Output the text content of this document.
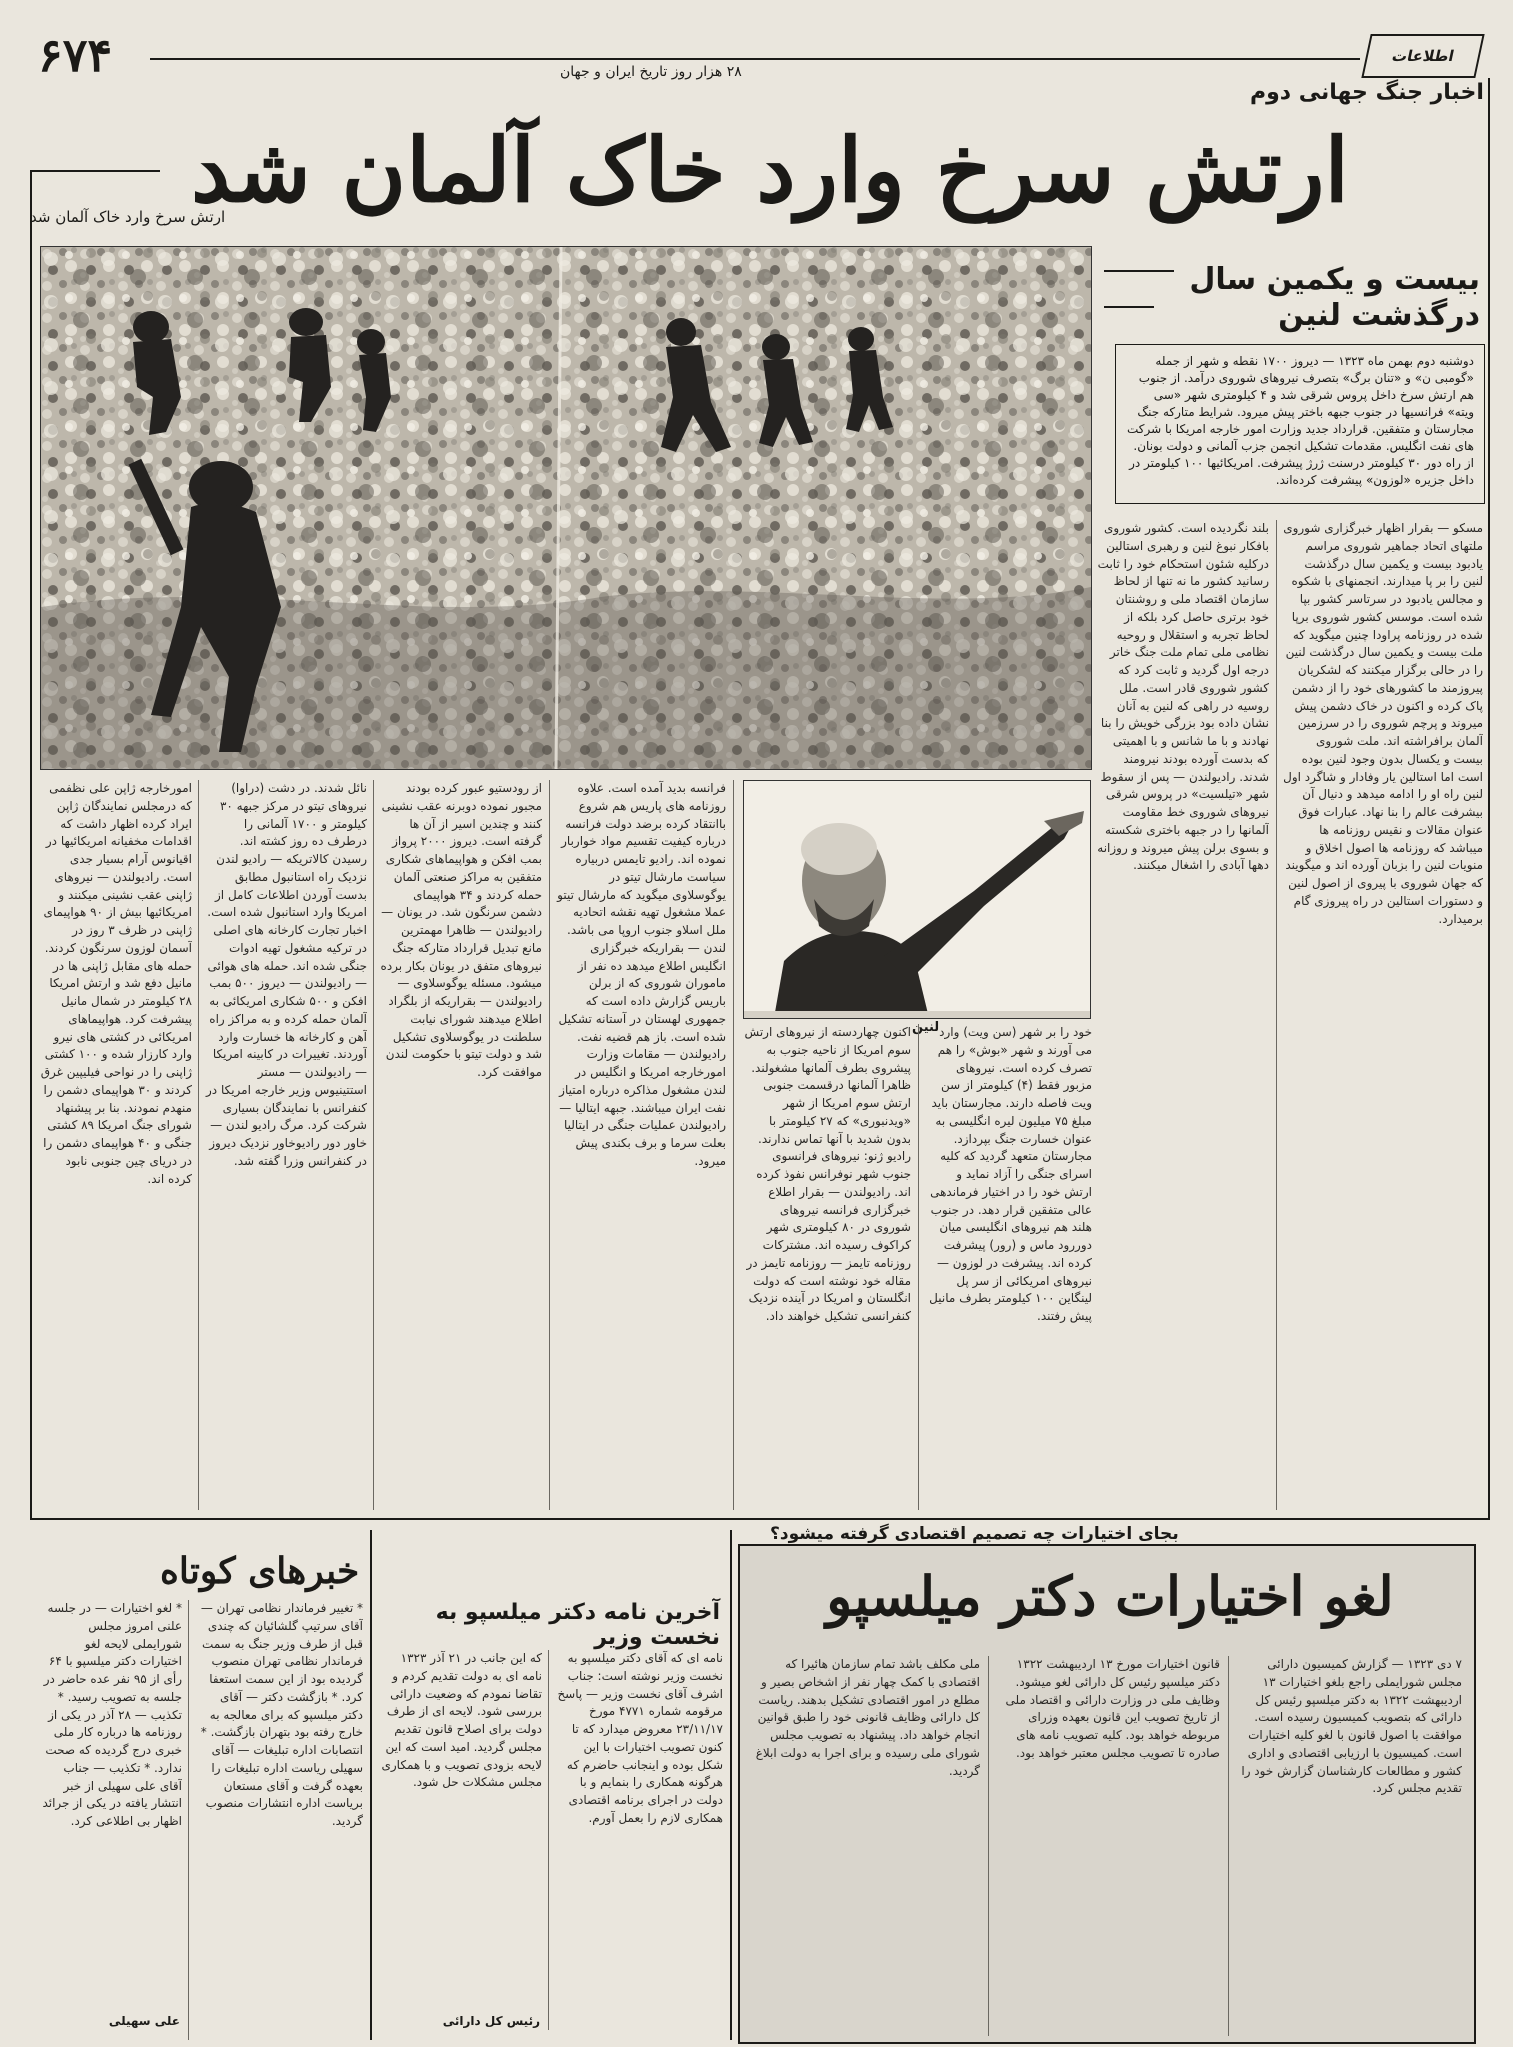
۶۷۴	۲۸ هزار روز تاریخ ایران و جهان
اطلاعات
اخبار جنگ جهانی دوم
ارتش سرخ وارد خاک آلمان شد
ارتش سرخ وارد خاک آلمان شد
بیست و یکمین سال
درگذشت لنین
دوشنبه دوم بهمن ماه ۱۳۲۳ — دیروز ۱۷۰۰ نقطه و شهر از جمله «گومبی ن» و «تنان برگ» بتصرف نیروهای شوروی درآمد. از جنوب هم ارتش سرخ داخل پروس شرقی شد و ۴ کیلومتری شهر «سی ویته» فرانسیها در جنوب جبهه باختر پیش میرود. شرایط متارکه جنگ مجارستان و متفقین. قرارداد جدید وزارت امور خارجه امریکا با شرکت های نفت انگلیس. مقدمات تشکیل انجمن جزب آلمانی و دولت بونان. از راه دور ۳۰ کیلومتر درسنت ژرژ پیشرفت. امریکائیها ۱۰۰ کیلومتر در داخل جزیره «لوزون» پیشرفت کرده‌اند.
مسکو — بقرار اظهار خبرگزاری شوروی ملتهای اتحاد جماهیر شوروی مراسم یادبود بیست و یکمین سال درگذشت لنین را بر پا میدارند. انجمنهای با شکوه و مجالس یادبود در سرتاسر کشور بپا شده است. موسس کشور شوروی برپا شده در روزنامه پراودا چنین میگوید که ملت بیست و یکمین سال درگذشت لنین را در حالی برگزار میکنند که لشکریان پیروزمند ما کشورهای خود را از دشمن پاک کرده و اکنون در خاک دشمن پیش میروند و پرچم شوروی را در سرزمین آلمان برافراشته اند. ملت شوروی بیست و یکسال بدون وجود لنین بوده است اما استالین یار وفادار و شاگرد اول لنین راه او را ادامه میدهد و دنیال آن بیشرفت عالم را بنا نهاد. عبارات فوق عنوان مقالات و نقیس روزنامه ها میباشد که روزنامه ها اصول اخلاق و منویات لنین را بزبان آورده اند و میگویند که جهان شوروی با پیروی از اصول لنین و دستورات استالین در راه پیروزی گام برمیدارد.
بلند نگردیده است. کشور شوروی بافکار نبوغ لنین و رهبری استالین درکلیه شئون استحکام خود را ثابت رسانید کشور ما نه تنها از لحاظ سازمان اقتصاد ملی و روشنتان خود برتری حاصل کرد بلکه از لحاظ تجربه و استقلال و روحیه نظامی ملی تمام ملت جنگ خاتر درجه اول گردید و ثابت کرد که کشور شوروی قادر است. ملل روسیه در راهی که لنین به آنان نشان داده بود بزرگی خویش را بنا نهادند و با ما شانس و با اهمیتی که بدست آورده بودند نیرومند شدند. رادیولندن — پس از سقوط شهر «تیلسیت» در پروس شرقی نیروهای شوروی خط مقاومت آلمانها را در جبهه باختری شکسته و بسوی برلن پیش میروند و روزانه دهها آبادی را اشغال میکنند.
لنین خود را بر شهر (سن ویت) وارد می آورند و شهر «بوش» را هم تصرف کرده است. نیروهای مزبور فقط (۴) کیلومتر از سن ویت فاصله دارند. مجارستان باید مبلغ ۷۵ میلیون لیره انگلیسی به عنوان خسارت جنگ بپردازد. مجارستان متعهد گردید که کلیه اسرای جنگی را آزاد نماید و ارتش خود را در اختیار فرماندهی عالی متفقین قرار دهد. در جنوب هلند هم نیروهای انگلیسی میان دوررود ماس و (رور) پیشرفت کرده اند. پیشرفت در لوزون — نیروهای امریکائی از سر پل لینگاین ۱۰۰ کیلومتر بطرف مانیل پیش رفتند.
اکنون چهاردسته از نیروهای ارتش سوم امریکا از ناحیه جنوب به پیشروی بطرف آلمانها مشغولند. ظاهرا آلمانها درقسمت جنوبی ارتش سوم امریکا از شهر «ویدنبوری» که ۲۷ کیلومتر با بدون شدید با آنها تماس ندارند. رادیو ژنو: نیروهای فرانسوی جنوب شهر نوفرانس نفوذ کرده اند. رادیولندن — بقرار اطلاع خبرگزاری فرانسه نیروهای شوروی در ۸۰ کیلومتری شهر کراکوف رسیده اند. مشترکات روزنامه تایمز — روزنامه تایمز در مقاله خود نوشته است که دولت انگلستان و امریکا در آینده نزدیک کنفرانسی تشکیل خواهند داد.
فرانسه بدید آمده است. علاوه روزنامه های پاریس هم شروع باانتقاد کرده برضد دولت فرانسه درباره کیفیت تقسیم مواد خواربار نموده اند. رادیو تایمس دربیاره سیاست مارشال تیتو در یوگوسلاوی میگوید که مارشال تیتو عملا مشغول تهیه نقشه اتحادیه ملل اسلاو جنوب اروپا می باشد. لندن — بقراریکه خبرگزاری انگلیس اطلاع میدهد ده نفر از ماموران شوروی که از برلن باریس گزارش داده است که جمهوری لهستان در آستانه تشکیل شده است. باز هم قضیه نفت. رادیولندن — مقامات وزارت امورخارجه امریکا و انگلیس در لندن مشغول مذاکره درباره امتیاز نفت ایران میباشند. جبهه ایتالیا — رادیولندن عملیات جنگی در ایتالیا بعلت سرما و برف بکندی پیش میرود.
از رودستیو عبور کرده بودند مجبور نموده دوبرنه عقب نشینی کنند و چندین اسیر از آن ها گرفته است. دیروز ۲۰۰۰ پرواز بمب افکن و هواپیماهای شکاری متفقین به مراکز صنعتی آلمان حمله کردند و ۳۴ هواپیمای دشمن سرنگون شد. در یونان — رادیولندن — ظاهرا مهمترین مانع تبدیل قرارداد متارکه جنگ نیروهای متفق در یونان بکار برده میشود. مسئله یوگوسلاوی — رادیولندن — بقراریکه از بلگراد اطلاع میدهند شورای نیابت سلطنت در یوگوسلاوی تشکیل شد و دولت تیتو با حکومت لندن موافقت کرد.
نائل شدند. در دشت (دراوا) نیروهای تیتو در مرکز جبهه ۳۰ کیلومتر و ۱۷۰۰ آلمانی را درطرف ده روز کشته اند. رسیدن کالاتریکه — رادیو لندن نزدیک راه استانبول مطابق بدست آوردن اطلاعات کامل از امریکا وارد استانبول شده است. اخبار تجارت کارخانه های اصلی در ترکیه مشغول تهیه ادوات جنگی شده اند. حمله های هوائی — رادیولندن — دیروز ۵۰۰ بمب افکن و ۵۰۰ شکاری امریکائی به آلمان حمله کرده و به مراکز راه آهن و کارخانه ها خسارت وارد آوردند. تغییرات در کابینه امریکا — رادیولندن — مستر استتینیوس وزیر خارجه امریکا در کنفرانس با نمایندگان بسیاری شرکت کرد. مرگ رادیو لندن — خاور دور رادیوخاور نزدیک دیروز در کنفرانس وزرا گفته شد.
امورخارجه ژاپن علی نظفمی که درمجلس نمایندگان ژاپن ایراد کرده اظهار داشت که اقدامات مخفیانه امریکائیها در اقیانوس آرام بسیار جدی است. رادیولندن — نیروهای ژاپنی عقب نشینی میکنند و امریکائیها بیش از ۹۰ هواپیمای ژاپنی در ظرف ۳ روز در آسمان لوزون سرنگون کردند. حمله های مقابل ژاپنی ها در مانیل دفع شد و ارتش امریکا ۲۸ کیلومتر در شمال مانیل پیشرفت کرد. هواپیماهای امریکائی در کشتی های نیرو وارد کارزار شده و ۱۰۰ کشتی ژاپنی را در نواحی فیلیپین غرق کردند و ۳۰ هواپیمای دشمن را منهدم نمودند. بنا بر پیشنهاد شورای جنگ امریکا ۸۹ کشتی جنگی و ۴۰ هواپیمای دشمن را در دریای چین جنوبی نابود کرده اند.
بجای اختیارات چه تصمیم اقتصادی گرفته میشود؟
لغو اختیارات دکتر میلسپو
۷ دی ۱۳۲۳ — گزارش کمیسیون دارائی مجلس شورایملی راجع بلغو اختیارات ۱۳ اردیبهشت ۱۳۲۲ به دکتر میلسپو رئیس کل دارائی که بتصویب کمیسیون رسیده است. موافقت با اصول قانون با لغو کلیه اختیارات است. کمیسیون با ارزیابی اقتصادی و اداری کشور و مطالعات کارشناسان گزارش خود را تقدیم مجلس کرد.
قانون اختیارات مورخ ۱۳ اردیبهشت ۱۳۲۲ دکتر میلسپو رئیس کل دارائی لغو میشود. وظایف ملی در وزارت دارائی و اقتصاد ملی از تاریخ تصویب این قانون بعهده وزرای مربوطه خواهد بود. کلیه تصویب نامه های صادره تا تصویب مجلس معتبر خواهد بود.
ملی مکلف باشد تمام سازمان هائیرا که اقتصادی با کمک چهار نفر از اشخاص بصیر و مطلع در امور اقتصادی تشکیل بدهند. ریاست کل دارائی وظایف قانونی خود را طبق قوانین انجام خواهد داد. پیشنهاد به تصویب مجلس شورای ملی رسیده و برای اجرا به دولت ابلاغ گردید.
آخرین نامه دکتر میلسپو به نخست وزیر
نامه ای که آقای دکتر میلسپو به نخست وزیر نوشته است: جناب اشرف آقای نخست وزیر — پاسخ مرقومه شماره ۴۷۷۱ مورخ ۲۳/۱۱/۱۷ معروض میدارد که تا کنون تصویب اختیارات با این شکل بوده و اینجانب حاضرم که هرگونه همکاری را بنمایم و با دولت در اجرای برنامه اقتصادی همکاری لازم را بعمل آورم.
که این جانب در ۲۱ آذر ۱۳۲۳ نامه ای به دولت تقدیم کردم و تقاضا نمودم که وضعیت دارائی بررسی شود. لایحه ای از طرف دولت برای اصلاح قانون تقدیم مجلس گردید. امید است که این لایحه بزودی تصویب و با همکاری مجلس مشکلات حل شود.
رئیس کل دارائی
خبرهای کوتاه
* تغییر فرماندار نظامی تهران — آقای سرتیپ گلشائیان که چندی قبل از طرف وزیر جنگ به سمت فرماندار نظامی تهران منصوب گردیده بود از این سمت استعفا کرد. * بازگشت دکتر — آقای دکتر میلسپو که برای معالجه به خارج رفته بود بتهران بازگشت. * انتصابات اداره تبلیغات — آقای سهیلی ریاست اداره تبلیغات را بعهده گرفت و آقای مستعان بریاست اداره انتشارات منصوب گردید.
* لغو اختیارات — در جلسه علنی امروز مجلس شورایملی لایحه لغو اختیارات دکتر میلسپو با ۶۴ رأی از ۹۵ نفر عده حاضر در جلسه به تصویب رسید. * تکذیب — ۲۸ آذر در یکی از روزنامه ها درباره کار ملی خبری درج گردیده که صحت ندارد. * تکذیب — جناب آقای علی سهیلی از خبر انتشار یافته در یکی از جرائد اظهار بی اطلاعی کرد.
علی سهیلی
